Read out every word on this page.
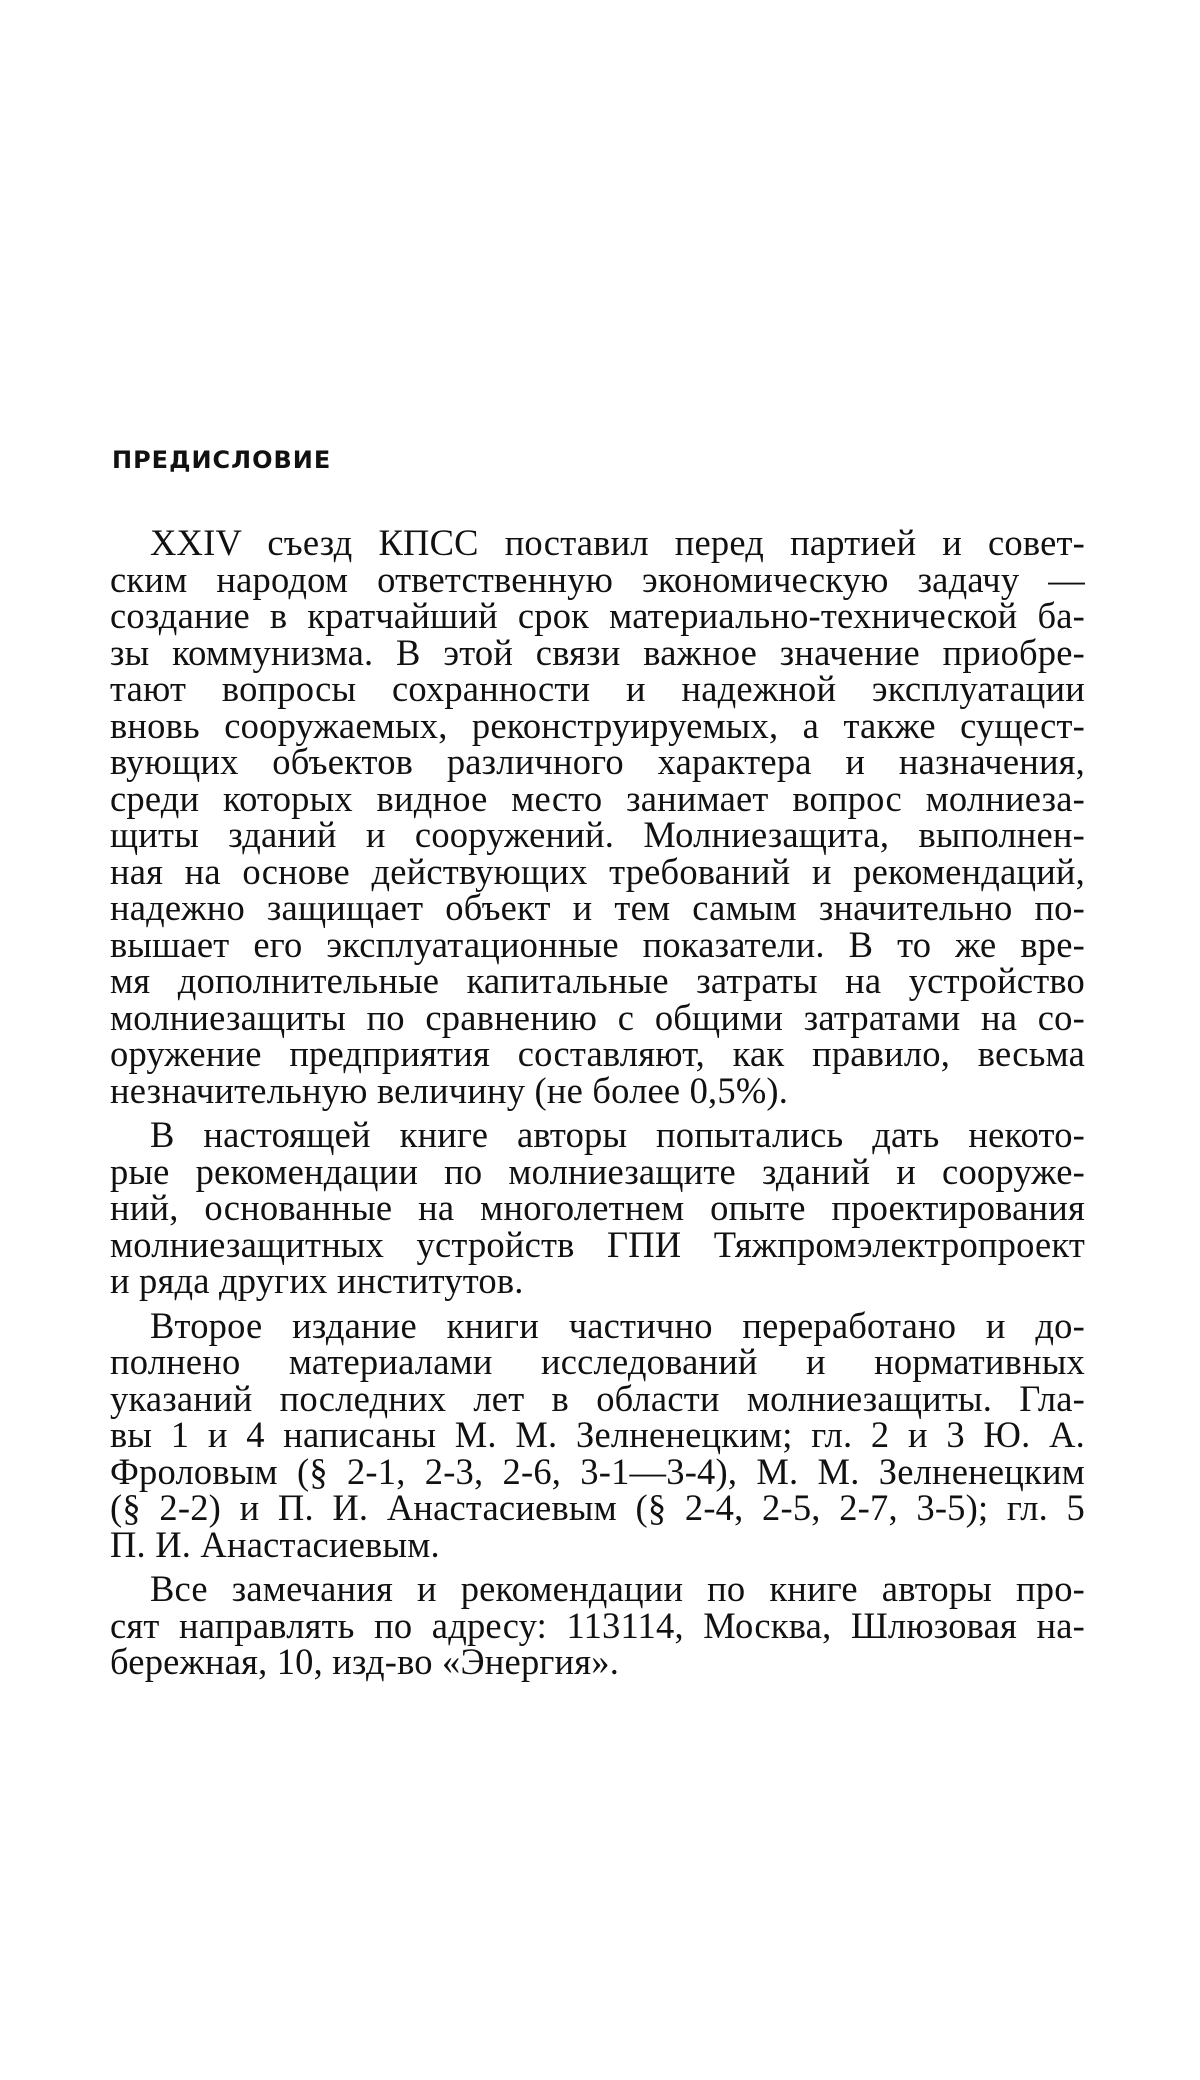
ПРЕДИСЛОВИЕ

XXIV съезд КПСС поставил перед партией и совет-
ским народом ответственную экономическую задачу —
создание в кратчайший срок материально-технической ба-
зы коммунизма. В этой связи важное значение приобре-
тают вопросы сохранности и надежной эксплуатации
вновь сооружаемых, реконструируемых, а также сущест-
вующих объектов различного характера и назначения,
среди которых видное место занимает вопрос молниеза-
щиты зданий и сооружений. Молниезащита, выполнен-
ная на основе действующих требований и рекомендаций,
надежно защищает объект и тем самым значительно по-
вышает его эксплуатационные показатели. В то же вре-
мя дополнительные капитальные затраты на устройство
молниезащиты по сравнению с общими затратами на со-
оружение предприятия составляют, как правило, весьма
незначительную величину (не более 0,5%).

В настоящей книге авторы попытались дать некото-
рые рекомендации по молниезащите зданий и сооруже-
ний, основанные на многолетнем опыте проектирования
молниезащитных устройств ГПИ Тяжпромэлектропроект
и ряда других институтов.

Второе издание книги частично переработано и до-
полнено материалами исследований и нормативных
указаний последних лет в области молниезащиты. Гла-
вы 1 и 4 написаны М. М. Зелненецким; гл. 2 и 3 Ю. А.
Фроловым (§ 2-1, 2-3, 2-6, 3-1—3-4), М. М. Зелненецким
(§ 2-2) и П. И. Анастасиевым (§ 2-4, 2-5, 2-7, 3-5); гл. 5
П. И. Анастасиевым.

Все замечания и рекомендации по книге авторы про-
сят направлять по адресу: 113114, Москва, Шлюзовая на-
бережная, 10, изд-во «Энергия».
